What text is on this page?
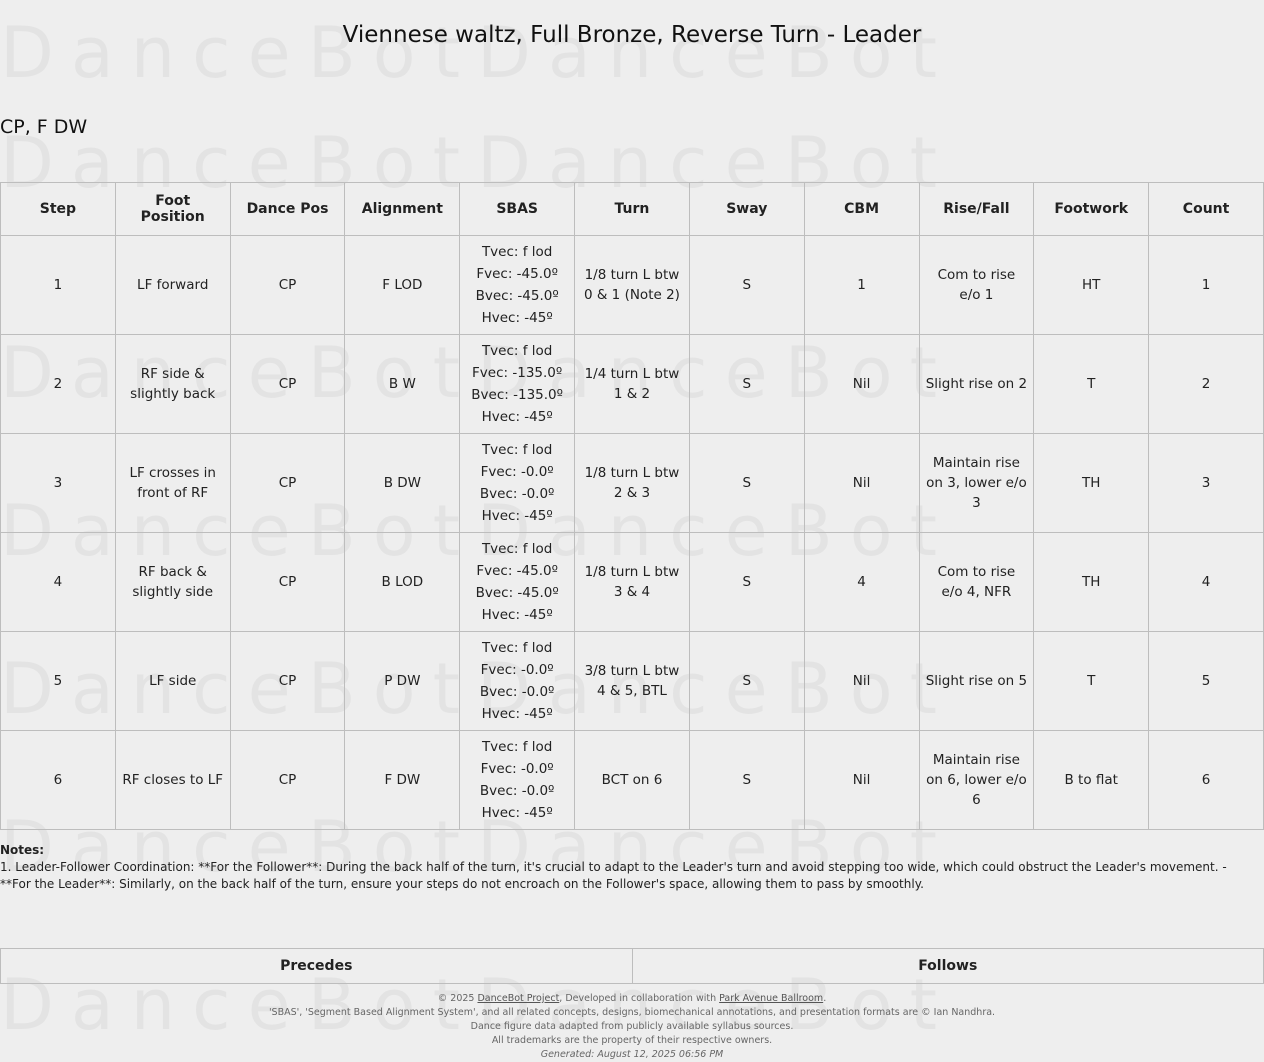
Viennese waltz, Full Bronze, Reverse Turn - Leader
CP, F DW
Step	Foot Position	Dance Pos	Alignment	SBAS	Turn	Sway	CBM	Rise/Fall	Footwork	Count
1	LF forward	CP	F LOD	Tvec: f lod
Fvec: -45.0º
Bvec: -45.0º
Hvec: -45º	1/8 turn L btw 0 & 1 (Note 2)	S	1	Com to rise e/o 1	HT	1
2	RF side & slightly back	CP	B W	Tvec: f lod
Fvec: -135.0º
Bvec: -135.0º
Hvec: -45º	1/4 turn L btw 1 & 2	S	Nil	Slight rise on 2	T	2
3	LF crosses in front of RF	CP	B DW	Tvec: f lod
Fvec: -0.0º
Bvec: -0.0º
Hvec: -45º	1/8 turn L btw 2 & 3	S	Nil	Maintain rise on 3, lower e/o 3	TH	3
4	RF back & slightly side	CP	B LOD	Tvec: f lod
Fvec: -45.0º
Bvec: -45.0º
Hvec: -45º	1/8 turn L btw 3 & 4	S	4	Com to rise e/o 4, NFR	TH	4
5	LF side	CP	P DW	Tvec: f lod
Fvec: -0.0º
Bvec: -0.0º
Hvec: -45º	3/8 turn L btw 4 & 5, BTL	S	Nil	Slight rise on 5	T	5
6	RF closes to LF	CP	F DW	Tvec: f lod
Fvec: -0.0º
Bvec: -0.0º
Hvec: -45º	BCT on 6	S	Nil	Maintain rise on 6, lower e/o 6	B to flat	6
Notes:
1. Leader-Follower Coordination: **For the Follower**: During the back half of the turn, it's crucial to adapt to the Leader's turn and avoid stepping too wide, which could obstruct the Leader's movement. - **For the Leader**: Similarly, on the back half of the turn, ensure your steps do not encroach on the Follower's space, allowing them to pass by smoothly.
Precedes	Follows
© 2025 DanceBot Project, Developed in collaboration with Park Avenue Ballroom.
'SBAS', 'Segment Based Alignment System', and all related concepts, designs, biomechanical annotations, and presentation formats are © Ian Nandhra.
Dance figure data adapted from publicly available syllabus sources.
All trademarks are the property of their respective owners.
Generated: August 12, 2025 06:56 PM
